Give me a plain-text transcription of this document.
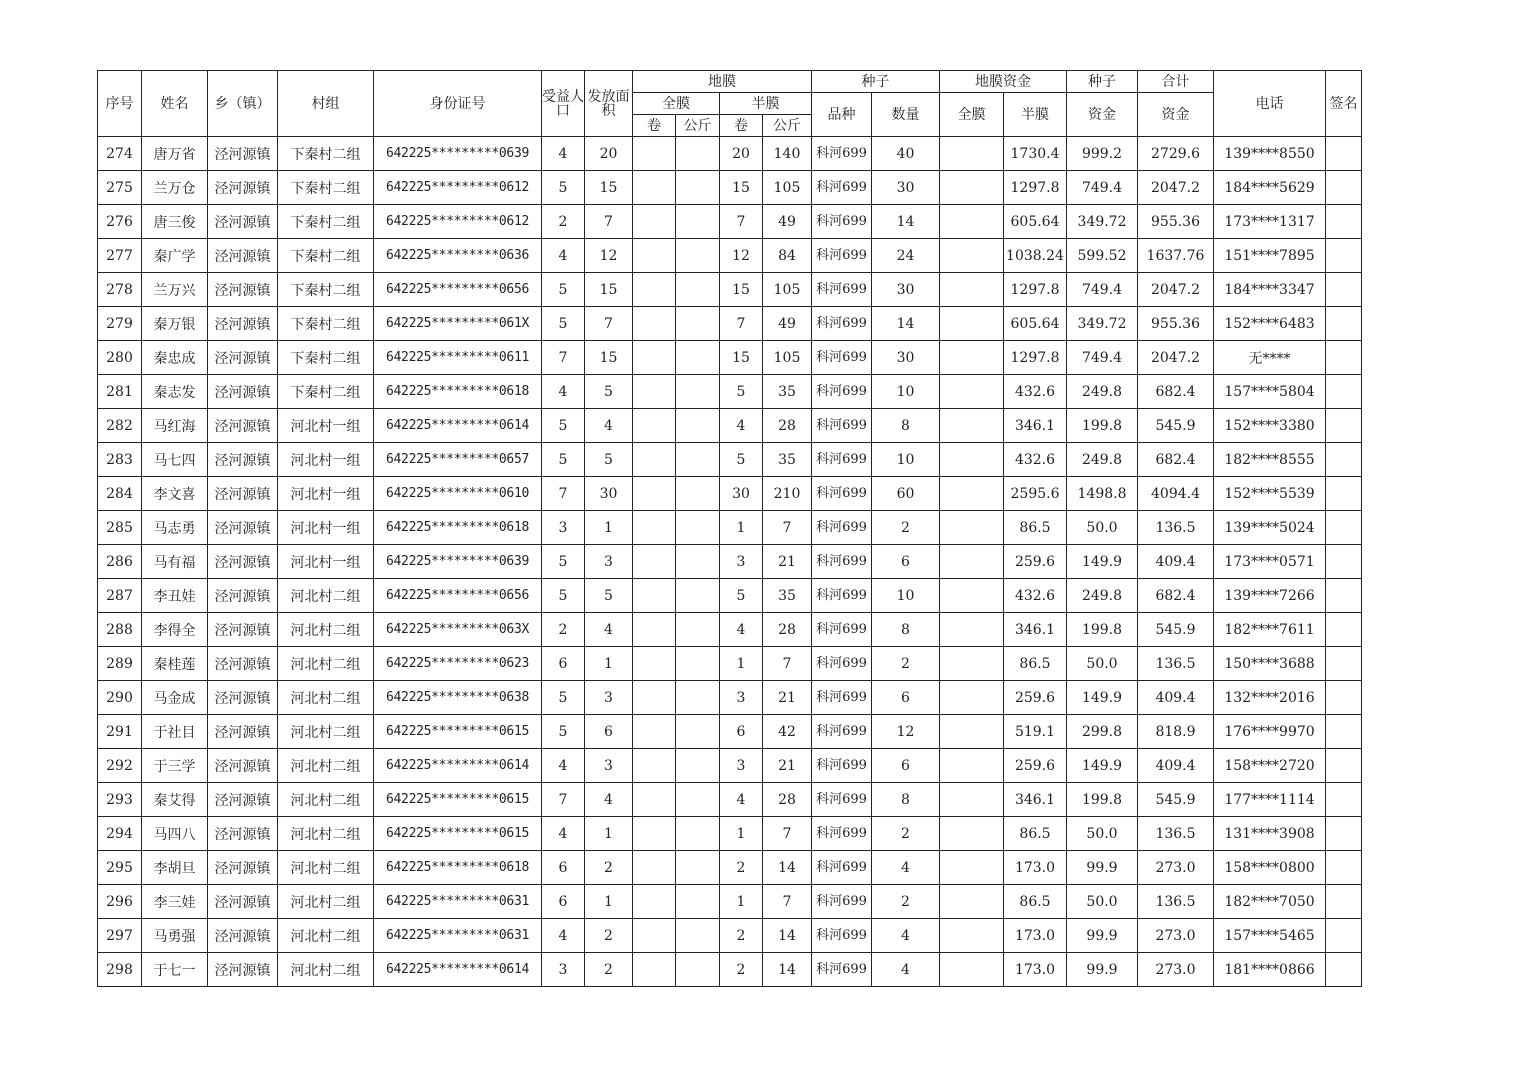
序号	姓名	乡（镇）	村组	身份证号	受益人口	发放面积	地膜				种子		地膜资金		种子	合计	电话	签名
							全膜		半膜		品种	数量	全膜	半膜	资金	资金		
							卷	公斤	卷	公斤								
274	唐万省	泾河源镇	下秦村二组	642225*********0639	4	20			20	140	科河699	40		1730.4	999.2	2729.6	139****8550	
275	兰万仓	泾河源镇	下秦村二组	642225*********0612	5	15			15	105	科河699	30		1297.8	749.4	2047.2	184****5629	
276	唐三俊	泾河源镇	下秦村二组	642225*********0612	2	7			7	49	科河699	14		605.64	349.72	955.36	173****1317	
277	秦广学	泾河源镇	下秦村二组	642225*********0636	4	12			12	84	科河699	24		1038.24	599.52	1637.76	151****7895	
278	兰万兴	泾河源镇	下秦村二组	642225*********0656	5	15			15	105	科河699	30		1297.8	749.4	2047.2	184****3347	
279	秦万银	泾河源镇	下秦村二组	642225*********061X	5	7			7	49	科河699	14		605.64	349.72	955.36	152****6483	
280	秦忠成	泾河源镇	下秦村二组	642225*********0611	7	15			15	105	科河699	30		1297.8	749.4	2047.2	无****	
281	秦志发	泾河源镇	下秦村二组	642225*********0618	4	5			5	35	科河699	10		432.6	249.8	682.4	157****5804	
282	马红海	泾河源镇	河北村一组	642225*********0614	5	4			4	28	科河699	8		346.1	199.8	545.9	152****3380	
283	马七四	泾河源镇	河北村一组	642225*********0657	5	5			5	35	科河699	10		432.6	249.8	682.4	182****8555	
284	李文喜	泾河源镇	河北村一组	642225*********0610	7	30			30	210	科河699	60		2595.6	1498.8	4094.4	152****5539	
285	马志勇	泾河源镇	河北村一组	642225*********0618	3	1			1	7	科河699	2		86.5	50.0	136.5	139****5024	
286	马有福	泾河源镇	河北村一组	642225*********0639	5	3			3	21	科河699	6		259.6	149.9	409.4	173****0571	
287	李丑娃	泾河源镇	河北村二组	642225*********0656	5	5			5	35	科河699	10		432.6	249.8	682.4	139****7266	
288	李得全	泾河源镇	河北村二组	642225*********063X	2	4			4	28	科河699	8		346.1	199.8	545.9	182****7611	
289	秦桂莲	泾河源镇	河北村二组	642225*********0623	6	1			1	7	科河699	2		86.5	50.0	136.5	150****3688	
290	马金成	泾河源镇	河北村二组	642225*********0638	5	3			3	21	科河699	6		259.6	149.9	409.4	132****2016	
291	于社目	泾河源镇	河北村二组	642225*********0615	5	6			6	42	科河699	12		519.1	299.8	818.9	176****9970	
292	于三学	泾河源镇	河北村二组	642225*********0614	4	3			3	21	科河699	6		259.6	149.9	409.4	158****2720	
293	秦艾得	泾河源镇	河北村二组	642225*********0615	7	4			4	28	科河699	8		346.1	199.8	545.9	177****1114	
294	马四八	泾河源镇	河北村二组	642225*********0615	4	1			1	7	科河699	2		86.5	50.0	136.5	131****3908	
295	李胡旦	泾河源镇	河北村二组	642225*********0618	6	2			2	14	科河699	4		173.0	99.9	273.0	158****0800	
296	李三娃	泾河源镇	河北村二组	642225*********0631	6	1			1	7	科河699	2		86.5	50.0	136.5	182****7050	
297	马勇强	泾河源镇	河北村二组	642225*********0631	4	2			2	14	科河699	4		173.0	99.9	273.0	157****5465	
298	于七一	泾河源镇	河北村二组	642225*********0614	3	2			2	14	科河699	4		173.0	99.9	273.0	181****0866	
